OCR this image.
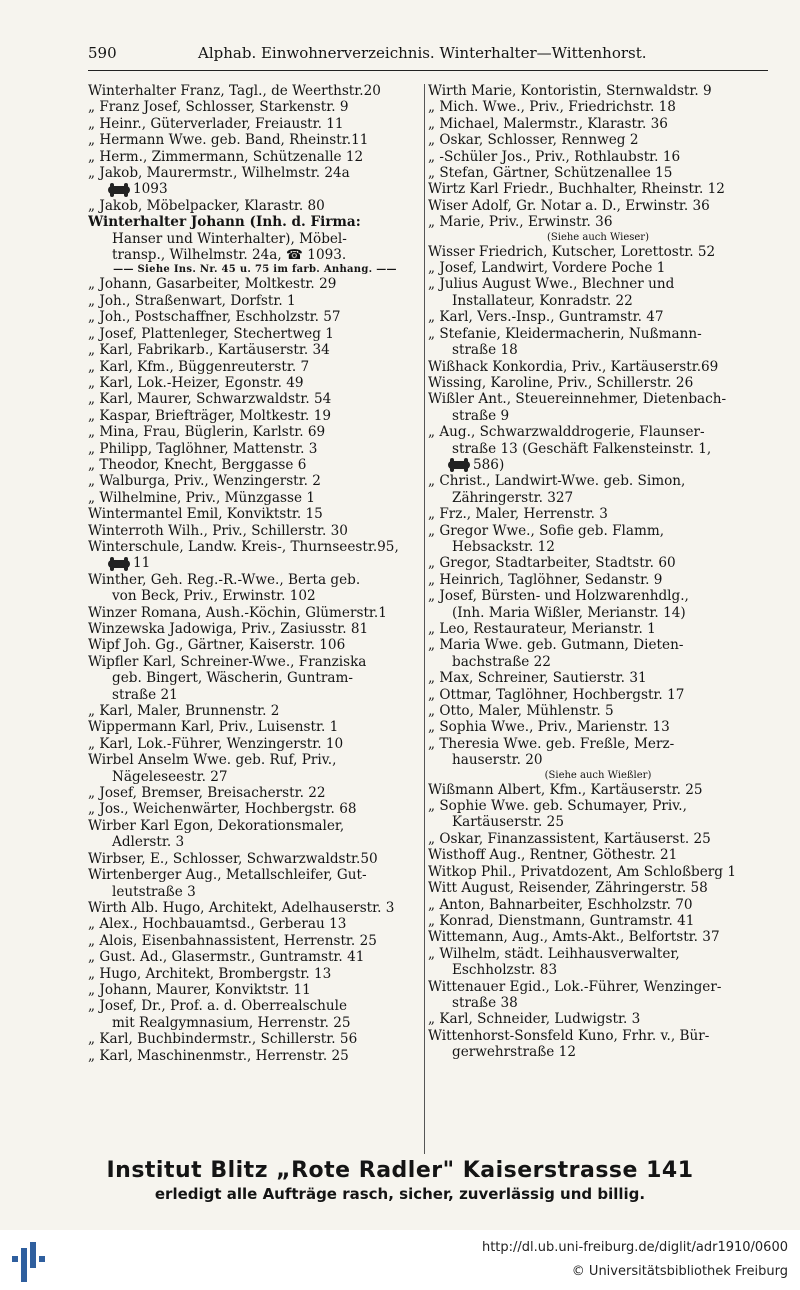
590	Alphab. Einwohnerverzeichnis. Winterhalter—Wittenhorst.
Winterhalter Franz, Tagl., de Weerthstr.20
„ Franz Josef, Schlosser, Starkenstr. 9
„ Heinr., Güterverlader, Freiaustr. 11
„ Hermann Wwe. geb. Band, Rheinstr.11
„ Herm., Zimmermann, Schützenalle 12
„ Jakob, Maurermstr., Wilhelmstr. 24a
1093
„ Jakob, Möbelpacker, Klarastr. 80
Winterhalter Johann (Inh. d. Firma:
Hanser und Winterhalter), Möbel-
transp., Wilhelmstr. 24a, ☎ 1093.
—— Siehe Ins. Nr. 45 u. 75 im farb. Anhang. ——
„ Johann, Gasarbeiter, Moltkestr. 29
„ Joh., Straßenwart, Dorfstr. 1
„ Joh., Postschaffner, Eschholzstr. 57
„ Josef, Plattenleger, Stechertweg 1
„ Karl, Fabrikarb., Kartäuserstr. 34
„ Karl, Kfm., Büggenreuterstr. 7
„ Karl, Lok.-Heizer, Egonstr. 49
„ Karl, Maurer, Schwarzwaldstr. 54
„ Kaspar, Briefträger, Moltkestr. 19
„ Mina, Frau, Büglerin, Karlstr. 69
„ Philipp, Taglöhner, Mattenstr. 3
„ Theodor, Knecht, Berggasse 6
„ Walburga, Priv., Wenzingerstr. 2
„ Wilhelmine, Priv., Münzgasse 1
Wintermantel Emil, Konviktstr. 15
Winterroth Wilh., Priv., Schillerstr. 30
Winterschule, Landw. Kreis-, Thurnseestr.95,
11
Winther, Geh. Reg.-R.-Wwe., Berta geb.
von Beck, Priv., Erwinstr. 102
Winzer Romana, Aush.-Köchin, Glümerstr.1
Winzewska Jadowiga, Priv., Zasiusstr. 81
Wipf Joh. Gg., Gärtner, Kaiserstr. 106
Wipfler Karl, Schreiner-Wwe., Franziska
geb. Bingert, Wäscherin, Guntram-
straße 21
„ Karl, Maler, Brunnenstr. 2
Wippermann Karl, Priv., Luisenstr. 1
„ Karl, Lok.-Führer, Wenzingerstr. 10
Wirbel Anselm Wwe. geb. Ruf, Priv.,
Nägeleseestr. 27
„ Josef, Bremser, Breisacherstr. 22
„ Jos., Weichenwärter, Hochbergstr. 68
Wirber Karl Egon, Dekorationsmaler,
Adlerstr. 3
Wirbser, E., Schlosser, Schwarzwaldstr.50
Wirtenberger Aug., Metallschleifer, Gut-
leutstraße 3
Wirth Alb. Hugo, Architekt, Adelhauserstr. 3
„ Alex., Hochbauamtsd., Gerberau 13
„ Alois, Eisenbahnassistent, Herrenstr. 25
„ Gust. Ad., Glasermstr., Guntramstr. 41
„ Hugo, Architekt, Brombergstr. 13
„ Johann, Maurer, Konviktstr. 11
„ Josef, Dr., Prof. a. d. Oberrealschule
mit Realgymnasium, Herrenstr. 25
„ Karl, Buchbindermstr., Schillerstr. 56
„ Karl, Maschinenmstr., Herrenstr. 25
Wirth Marie, Kontoristin, Sternwaldstr. 9
„ Mich. Wwe., Priv., Friedrichstr. 18
„ Michael, Malermstr., Klarastr. 36
„ Oskar, Schlosser, Rennweg 2
„ -Schüler Jos., Priv., Rothlaubstr. 16
„ Stefan, Gärtner, Schützenallee 15
Wirtz Karl Friedr., Buchhalter, Rheinstr. 12
Wiser Adolf, Gr. Notar a. D., Erwinstr. 36
„ Marie, Priv., Erwinstr. 36
(Siehe auch Wieser)
Wisser Friedrich, Kutscher, Lorettostr. 52
„ Josef, Landwirt, Vordere Poche 1
„ Julius August Wwe., Blechner und
Installateur, Konradstr. 22
„ Karl, Vers.-Insp., Guntramstr. 47
„ Stefanie, Kleidermacherin, Nußmann-
straße 18
Wißhack Konkordia, Priv., Kartäuserstr.69
Wissing, Karoline, Priv., Schillerstr. 26
Wißler Ant., Steuereinnehmer, Dietenbach-
straße 9
„ Aug., Schwarzwalddrogerie, Flaunser-
straße 13 (Geschäft Falkensteinstr. 1,
586)
„ Christ., Landwirt-Wwe. geb. Simon,
Zähringerstr. 327
„ Frz., Maler, Herrenstr. 3
„ Gregor Wwe., Sofie geb. Flamm,
Hebsackstr. 12
„ Gregor, Stadtarbeiter, Stadtstr. 60
„ Heinrich, Taglöhner, Sedanstr. 9
„ Josef, Bürsten- und Holzwarenhdlg.,
(Inh. Maria Wißler, Merianstr. 14)
„ Leo, Restaurateur, Merianstr. 1
„ Maria Wwe. geb. Gutmann, Dieten-
bachstraße 22
„ Max, Schreiner, Sautierstr. 31
„ Ottmar, Taglöhner, Hochbergstr. 17
„ Otto, Maler, Mühlenstr. 5
„ Sophia Wwe., Priv., Marienstr. 13
„ Theresia Wwe. geb. Freßle, Merz-
hauserstr. 20
(Siehe auch Wießler)
Wißmann Albert, Kfm., Kartäuserstr. 25
„ Sophie Wwe. geb. Schumayer, Priv.,
Kartäuserstr. 25
„ Oskar, Finanzassistent, Kartäuserst. 25
Wisthoff Aug., Rentner, Göthestr. 21
Witkop Phil., Privatdozent, Am Schloßberg 1
Witt August, Reisender, Zähringerstr. 58
„ Anton, Bahnarbeiter, Eschholzstr. 70
„ Konrad, Dienstmann, Guntramstr. 41
Wittemann, Aug., Amts-Akt., Belfortstr. 37
„ Wilhelm, städt. Leihhausverwalter,
Eschholzstr. 83
Wittenauer Egid., Lok.-Führer, Wenzinger-
straße 38
„ Karl, Schneider, Ludwigstr. 3
Wittenhorst-Sonsfeld Kuno, Frhr. v., Bür-
gerwehrstraße 12
Institut Blitz „Rote Radler" Kaiserstrasse 141
erledigt alle Aufträge rasch, sicher, zuverlässig und billig.
http://dl.ub.uni-freiburg.de/diglit/adr1910/0600
© Universitätsbibliothek Freiburg
